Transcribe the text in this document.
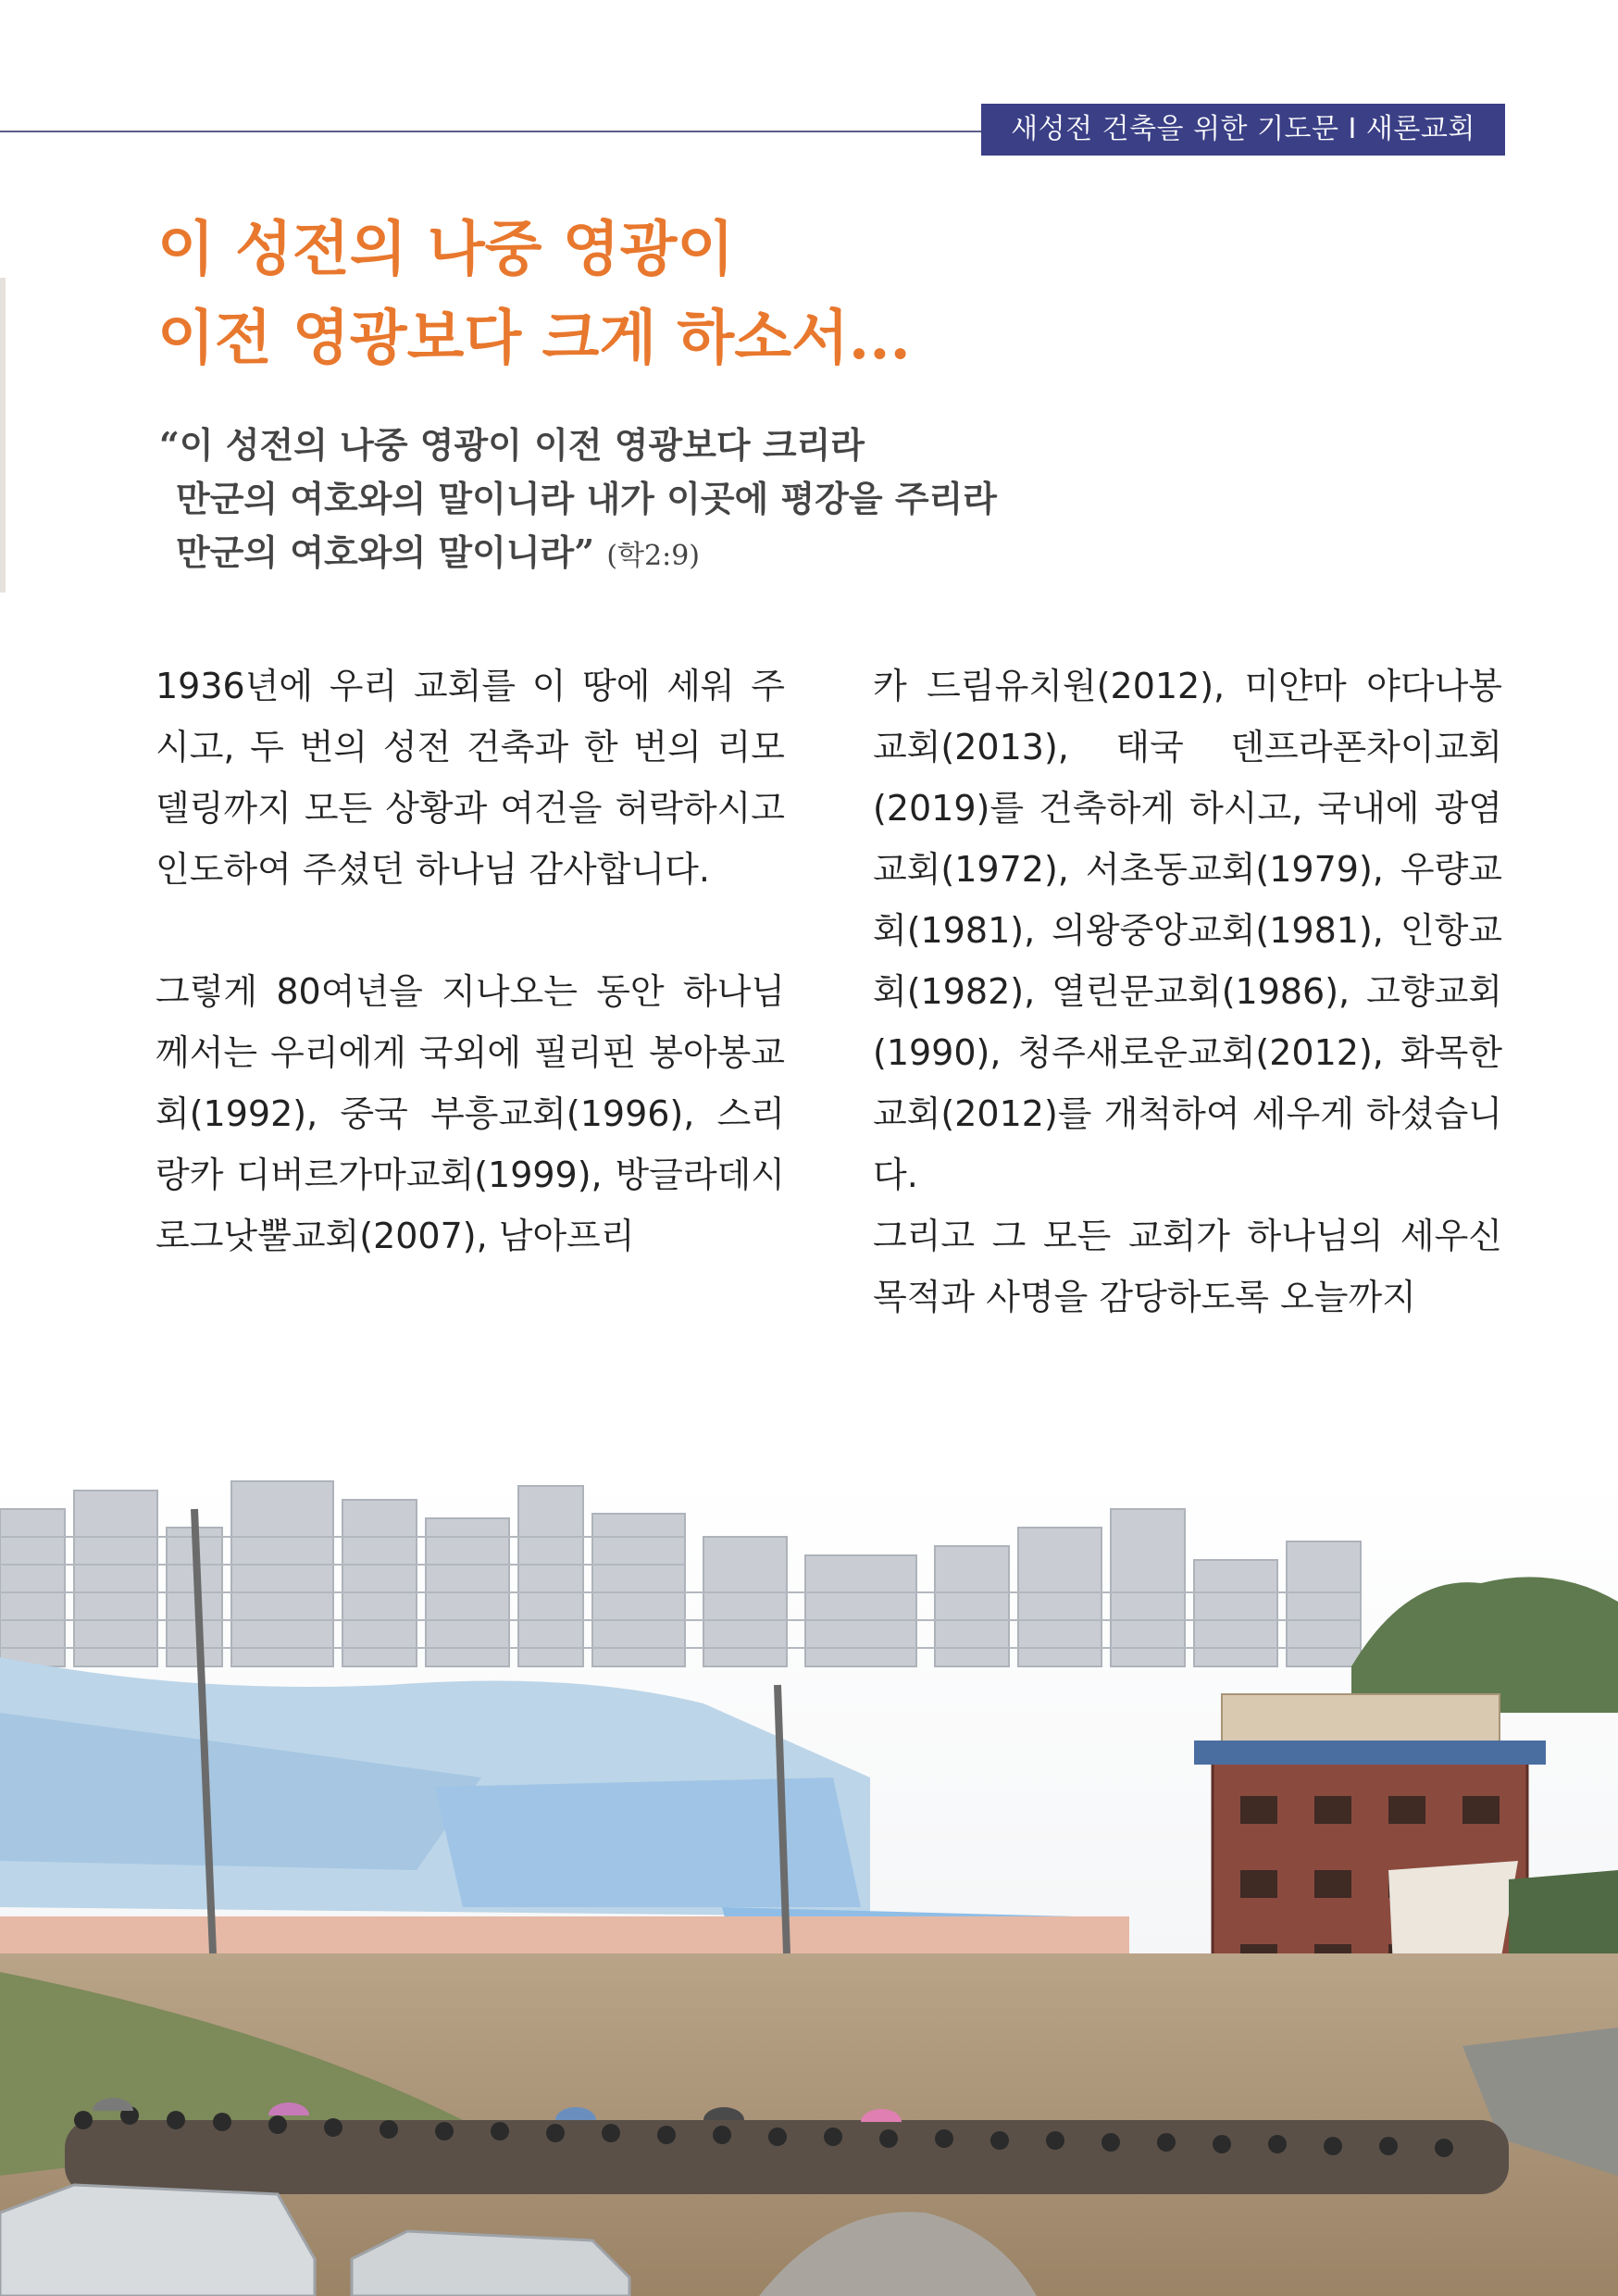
새성전 건축을 위한 기도문 Ι 새론교회
이 성전의 나중 영광이
이전 영광보다 크게 하소서...
“이 성전의 나중 영광이 이전 영광보다 크리라
만군의 여호와의 말이니라 내가 이곳에 평강을 주리라
만군의 여호와의 말이니라” (학2:9)

1936년에 우리 교회를 이 땅에 세워 주시고, 두 번의 성전 건축과 한 번의 리모델링까지 모든 상황과 여건을 허락하시고 인도하여 주셨던 하나님 감사합니다.

그렇게 80여년을 지나오는 동안 하나님께서는 우리에게 국외에 필리핀 봉아봉교회(1992), 중국 부흥교회(1996), 스리랑카 디버르가마교회(1999), 방글라데시 로그낫뿔교회(2007), 남아프리

카 드림유치원(2012), 미얀마 야다나봉교회(2013), 태국 덴프라폰차이교회(2019)를 건축하게 하시고, 국내에 광염교회(1972), 서초동교회(1979), 우량교회(1981), 의왕중앙교회(1981), 인항교회(1982), 열린문교회(1986), 고향교회(1990), 청주새로운교회(2012), 화목한교회(2012)를 개척하여 세우게 하셨습니다.

그리고 그 모든 교회가 하나님의 세우신 목적과 사명을 감당하도록 오늘까지
